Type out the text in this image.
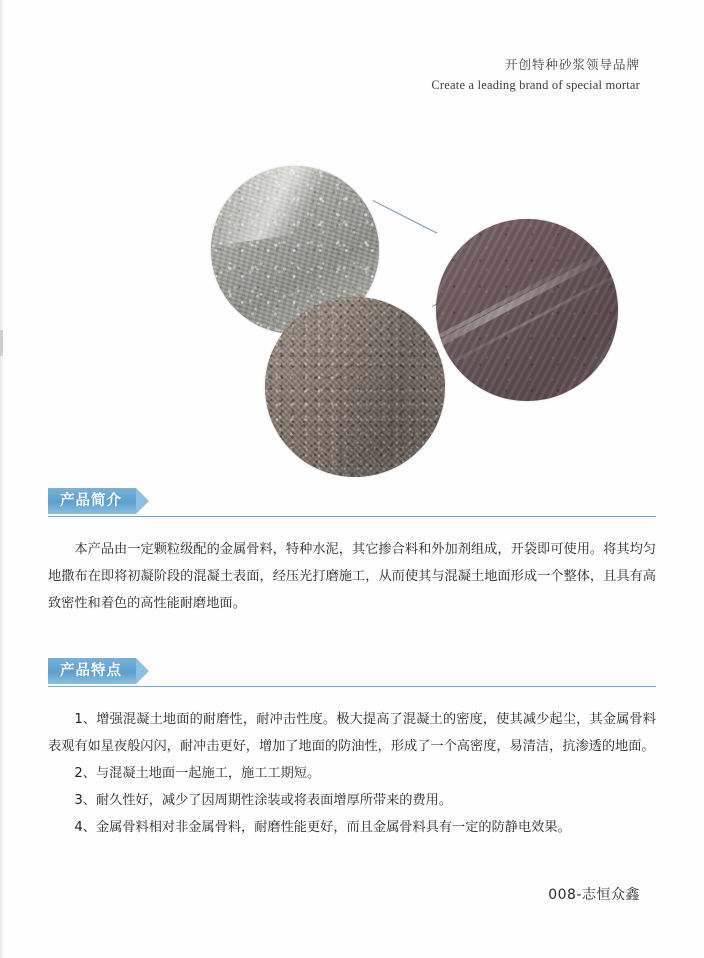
开创特种砂浆领导品牌
Create a leading brand of special mortar
产品简介

本产品由一定颗粒级配的金属骨料，特种水泥，其它掺合料和外加剂组成，开袋即可使用。将其均匀地撒布在即将初凝阶段的混凝土表面，经压光打磨施工，从而使其与混凝土地面形成一个整体，且具有高致密性和着色的高性能耐磨地面。

产品特点

1、增强混凝土地面的耐磨性，耐冲击性度。极大提高了混凝土的密度，使其减少起尘，其金属骨料表观有如星夜般闪闪，耐冲击更好，增加了地面的防油性，形成了一个高密度，易清洁，抗渗透的地面。

2、与混凝土地面一起施工，施工工期短。

3、耐久性好，减少了因周期性涂装或将表面增厚所带来的费用。

4、金属骨料相对非金属骨料，耐磨性能更好，而且金属骨料具有一定的防静电效果。

008-志恒众鑫
